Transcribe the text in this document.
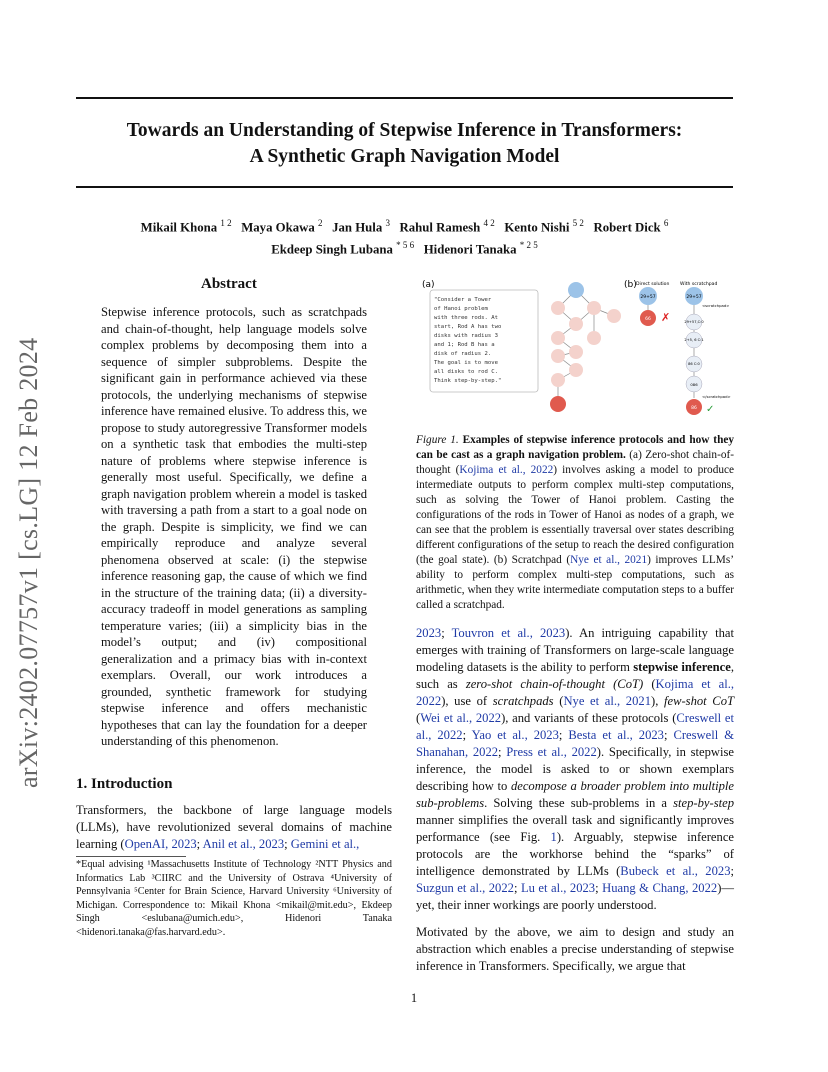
Towards an Understanding of Stepwise Inference in Transformers:
A Synthetic Graph Navigation Model
Mikail Khona $^{1 2}$ Maya Okawa $^2$ Jan Hula $^3$ Rahul Ramesh $^{4 2}$ Kento Nishi $^{5 2}$ Robert Dick $^6$
Ekdeep Singh Lubana $^{* 5 6}$ Hidenori Tanaka $^{* 2 5}$
arXiv:2402.07757v1 [cs.LG] 12 Feb 2024
Abstract
Stepwise inference protocols, such as scratchpads and chain-of-thought, help language models solve complex problems by decomposing them into a sequence of simpler subproblems. Despite the significant gain in performance achieved via these protocols, the underlying mechanisms of stepwise inference have remained elusive. To address this, we propose to study autoregressive Transformer models on a synthetic task that embodies the multi-step nature of problems where stepwise inference is generally most useful. Specifically, we define a graph navigation problem wherein a model is tasked with traversing a path from a start to a goal node on the graph. Despite is simplicity, we find we can empirically reproduce and analyze several phenomena observed at scale: (i) the stepwise inference reasoning gap, the cause of which we find in the structure of the training data; (ii) a diversity-accuracy tradeoff in model generations as sampling temperature varies; (iii) a simplicity bias in the model’s output; and (iv) compositional generalization and a primacy bias with in-context exemplars. Overall, our work introduces a grounded, synthetic framework for studying stepwise inference and offers mechanistic hypotheses that can lay the foundation for a deeper understanding of this phenomenon.
1. Introduction
Transformers, the backbone of large language models (LLMs), have revolutionized several domains of machine learning (OpenAI, 2023; Anil et al., 2023; Gemini et al.,
*Equal advising ¹Massachusetts Institute of Technology ²NTT Physics and Informatics Lab ³CIIRC and the University of Ostrava ⁴University of Pennsylvania ⁵Center for Brain Science, Harvard University ⁶University of Michigan. Correspondence to: Mikail Khona <mikail@mit.edu>, Ekdeep Singh <eslubana@umich.edu>, Hidenori Tanaka <hidenori.tanaka@fas.harvard.edu>.
(a)	(b)
"Consider a Tower
of Hanoi problem
with three rods. At
start, Rod A has two
disks with radius 3
and 1; Rod B has a
disk of radius 2.
The goal is to move
all disks to rod C.
Think step-by-step."
Direct solution With scratchpad
29+57
66 ✗
29+57
<scratchpad>
29+57,C:0
2+5, 6 C:1
86 C:0
086
</scratchpad>
86 ✓
Figure 1. Examples of stepwise inference protocols and how they can be cast as a graph navigation problem. (a) Zero-shot chain-of-thought (Kojima et al., 2022) involves asking a model to produce intermediate outputs to perform complex multi-step computations, such as solving the Tower of Hanoi problem. Casting the configurations of the rods in Tower of Hanoi as nodes of a graph, we can see that the problem is essentially traversal over states describing different configurations of the setup to reach the desired configuration (the goal state). (b) Scratchpad (Nye et al., 2021) improves LLMs’ ability to perform complex multi-step computations, such as arithmetic, when they write intermediate computation steps to a buffer called a scratchpad.

2023; Touvron et al., 2023). An intriguing capability that emerges with training of Transformers on large-scale language modeling datasets is the ability to perform stepwise inference, such as zero-shot chain-of-thought (CoT) (Kojima et al., 2022), use of scratchpads (Nye et al., 2021), few-shot CoT (Wei et al., 2022), and variants of these protocols (Creswell et al., 2022; Yao et al., 2023; Besta et al., 2023; Creswell & Shanahan, 2022; Press et al., 2022). Specifically, in stepwise inference, the model is asked to or shown exemplars describing how to decompose a broader problem into multiple sub-problems. Solving these sub-problems in a step-by-step manner simplifies the overall task and significantly improves performance (see Fig. 1). Arguably, stepwise inference protocols are the workhorse behind the “sparks” of intelligence demonstrated by LLMs (Bubeck et al., 2023; Suzgun et al., 2022; Lu et al., 2023; Huang & Chang, 2022)—yet, their inner workings are poorly understood.

Motivated by the above, we aim to design and study an abstraction which enables a precise understanding of stepwise inference in Transformers. Specifically, we argue that

1
